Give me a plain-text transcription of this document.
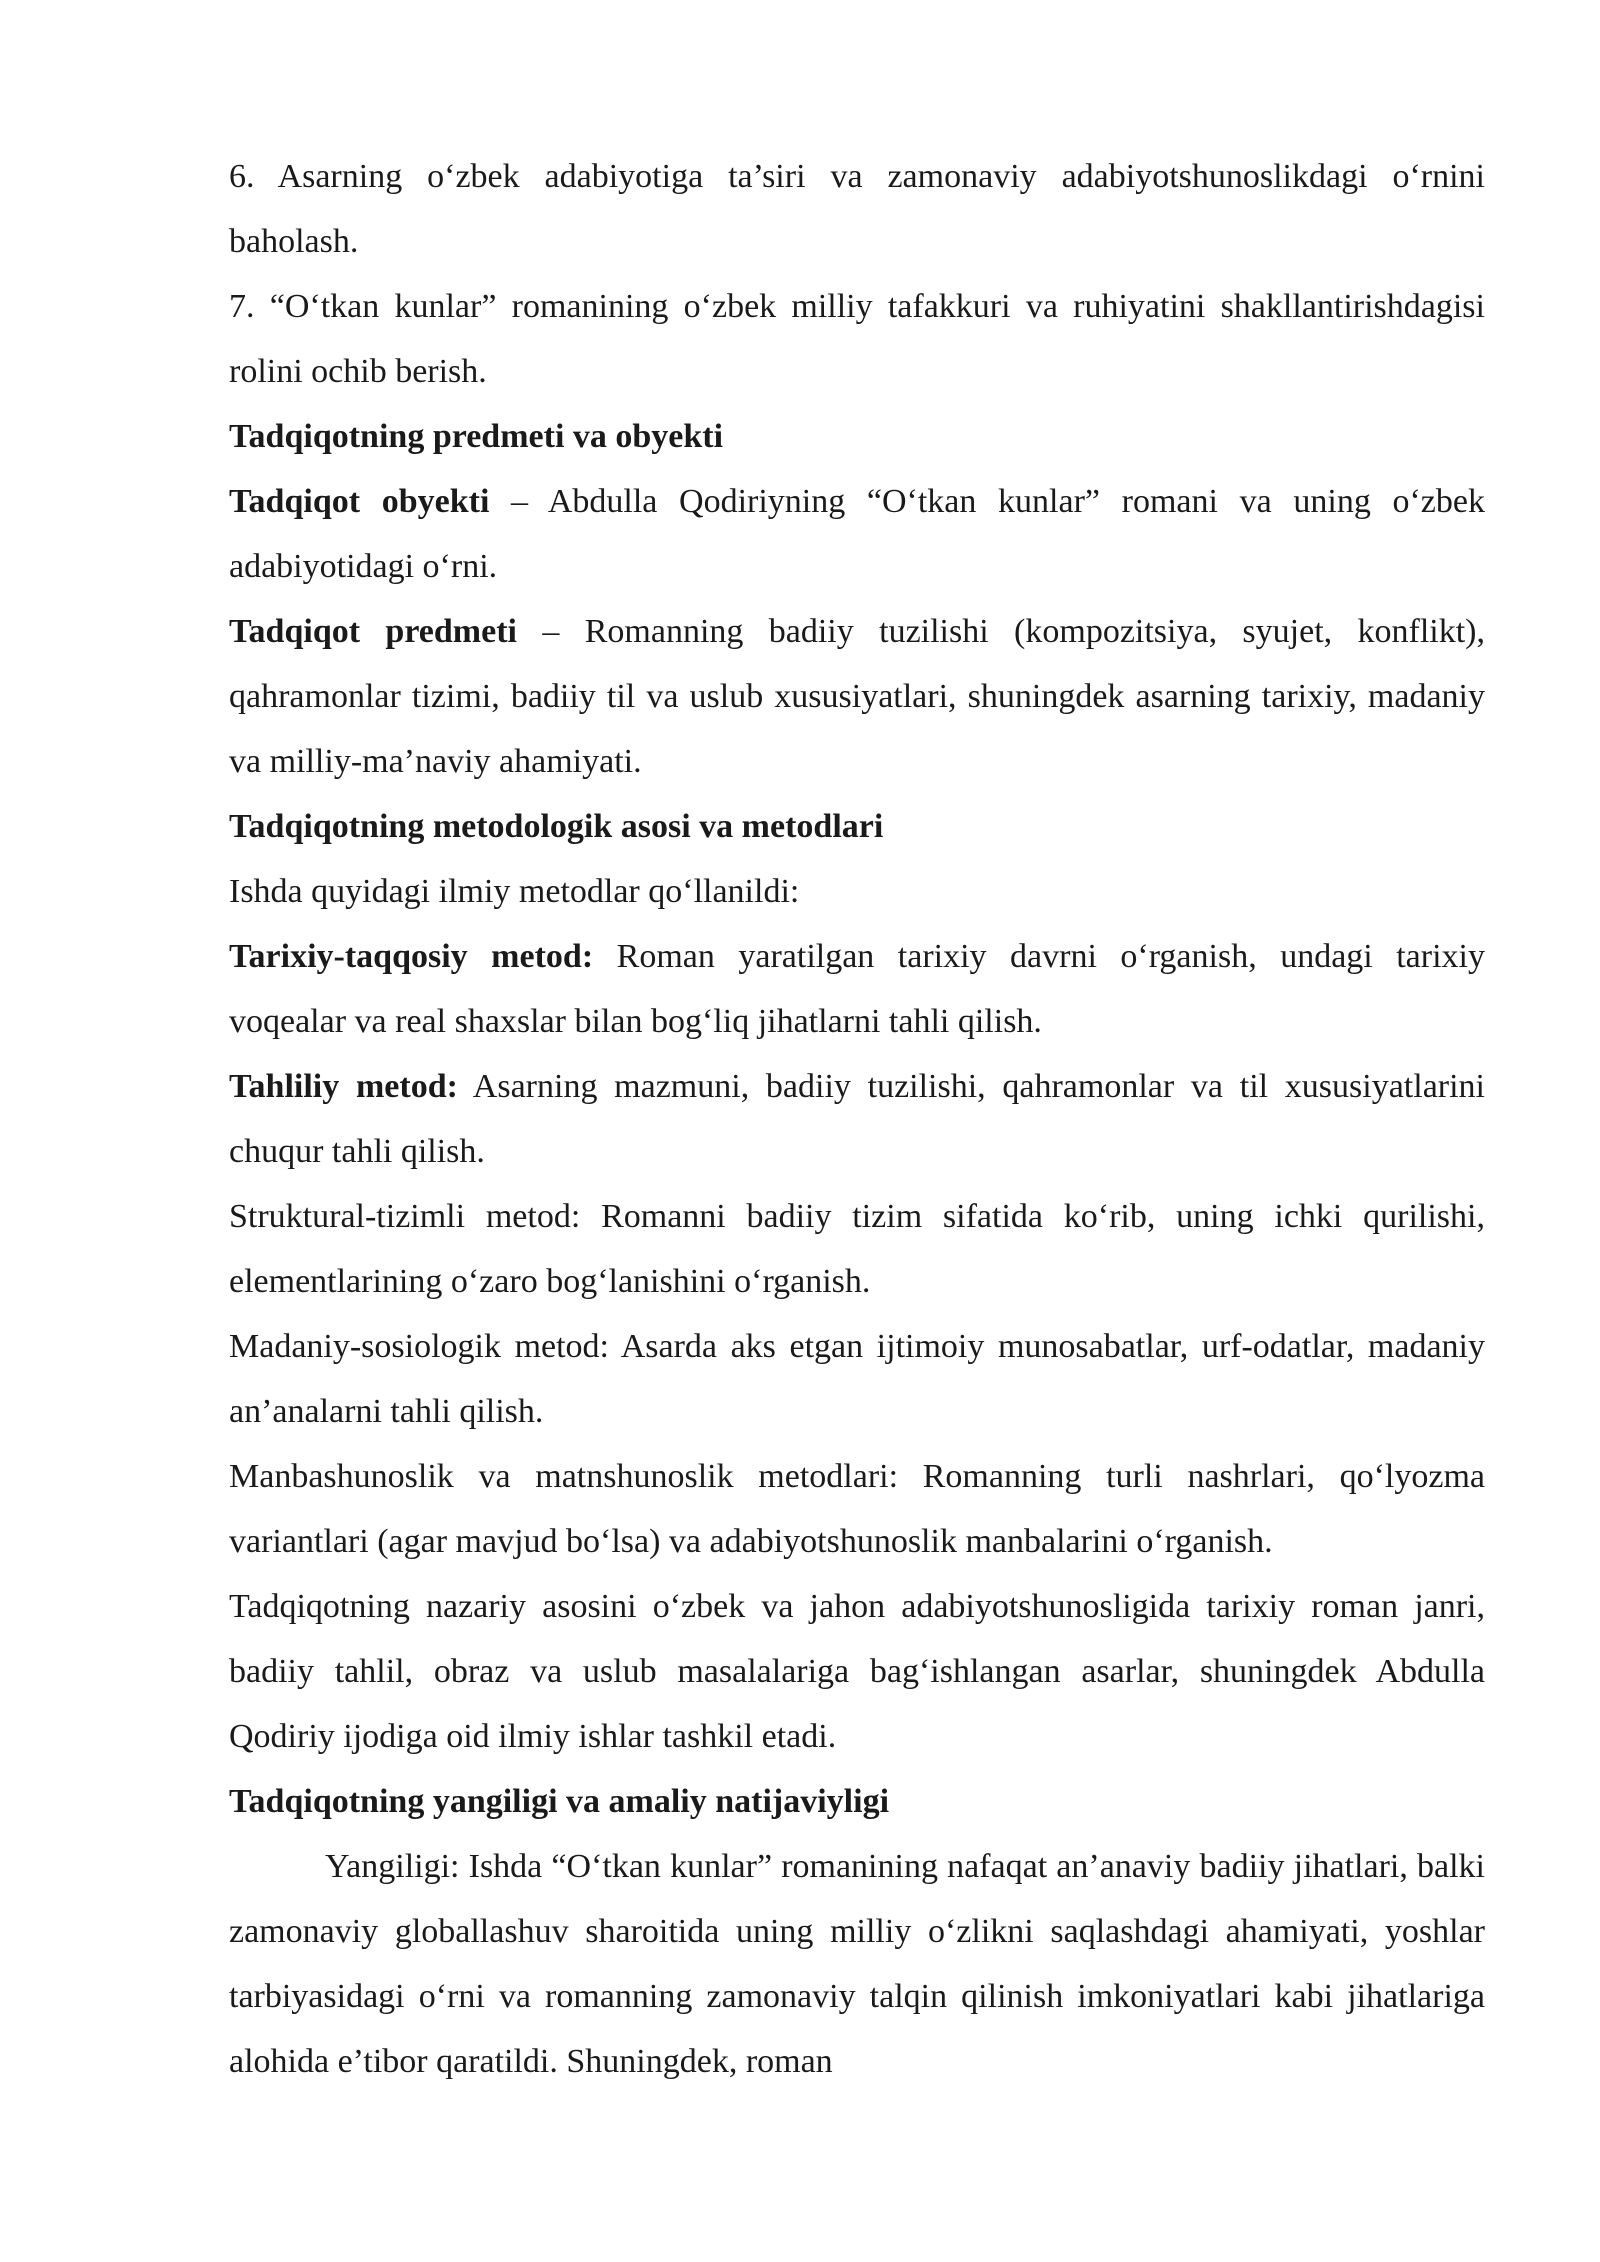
6. Asarning o‘zbek adabiyotiga ta’siri va zamonaviy adabiyotshunoslikdagi o‘rnini baholash.

7. “O‘tkan kunlar” romanining o‘zbek milliy tafakkuri va ruhiyatini shakllantirishdagisi rolini ochib berish.

Tadqiqotning predmeti va obyekti

Tadqiqot obyekti – Abdulla Qodiriyning “O‘tkan kunlar” romani va uning o‘zbek adabiyotidagi o‘rni.

Tadqiqot predmeti – Romanning badiiy tuzilishi (kompozitsiya, syujet, konflikt), qahramonlar tizimi, badiiy til va uslub xususiyatlari, shuningdek asarning tarixiy, madaniy va milliy-ma’naviy ahamiyati.

Tadqiqotning metodologik asosi va metodlari

Ishda quyidagi ilmiy metodlar qo‘llanildi:

Tarixiy-taqqosiy metod: Roman yaratilgan tarixiy davrni o‘rganish, undagi tarixiy voqealar va real shaxslar bilan bog‘liq jihatlarni tahli qilish.

Tahliliy metod: Asarning mazmuni, badiiy tuzilishi, qahramonlar va til xususiyatlarini chuqur tahli qilish.

Struktural-tizimli metod: Romanni badiiy tizim sifatida ko‘rib, uning ichki qurilishi, elementlarining o‘zaro bog‘lanishini o‘rganish.

Madaniy-sosiologik metod: Asarda aks etgan ijtimoiy munosabatlar, urf-odatlar, madaniy an’analarni tahli qilish.

Manbashunoslik va matnshunoslik metodlari: Romanning turli nashrlari, qo‘lyozma variantlari (agar mavjud bo‘lsa) va adabiyotshunoslik manbalarini o‘rganish.

Tadqiqotning nazariy asosini o‘zbek va jahon adabiyotshunosligida tarixiy roman janri, badiiy tahlil, obraz va uslub masalalariga bag‘ishlangan asarlar, shuningdek Abdulla Qodiriy ijodiga oid ilmiy ishlar tashkil etadi.

Tadqiqotning yangiligi va amaliy natijaviyligi

Yangiligi: Ishda “O‘tkan kunlar” romanining nafaqat an’anaviy badiiy jihatlari, balki zamonaviy globallashuv sharoitida uning milliy o‘zlikni saqlashdagi ahamiyati, yoshlar tarbiyasidagi o‘rni va romanning zamonaviy talqin qilinish imkoniyatlari kabi jihatlariga alohida e’tibor qaratildi. Shuningdek, roman
